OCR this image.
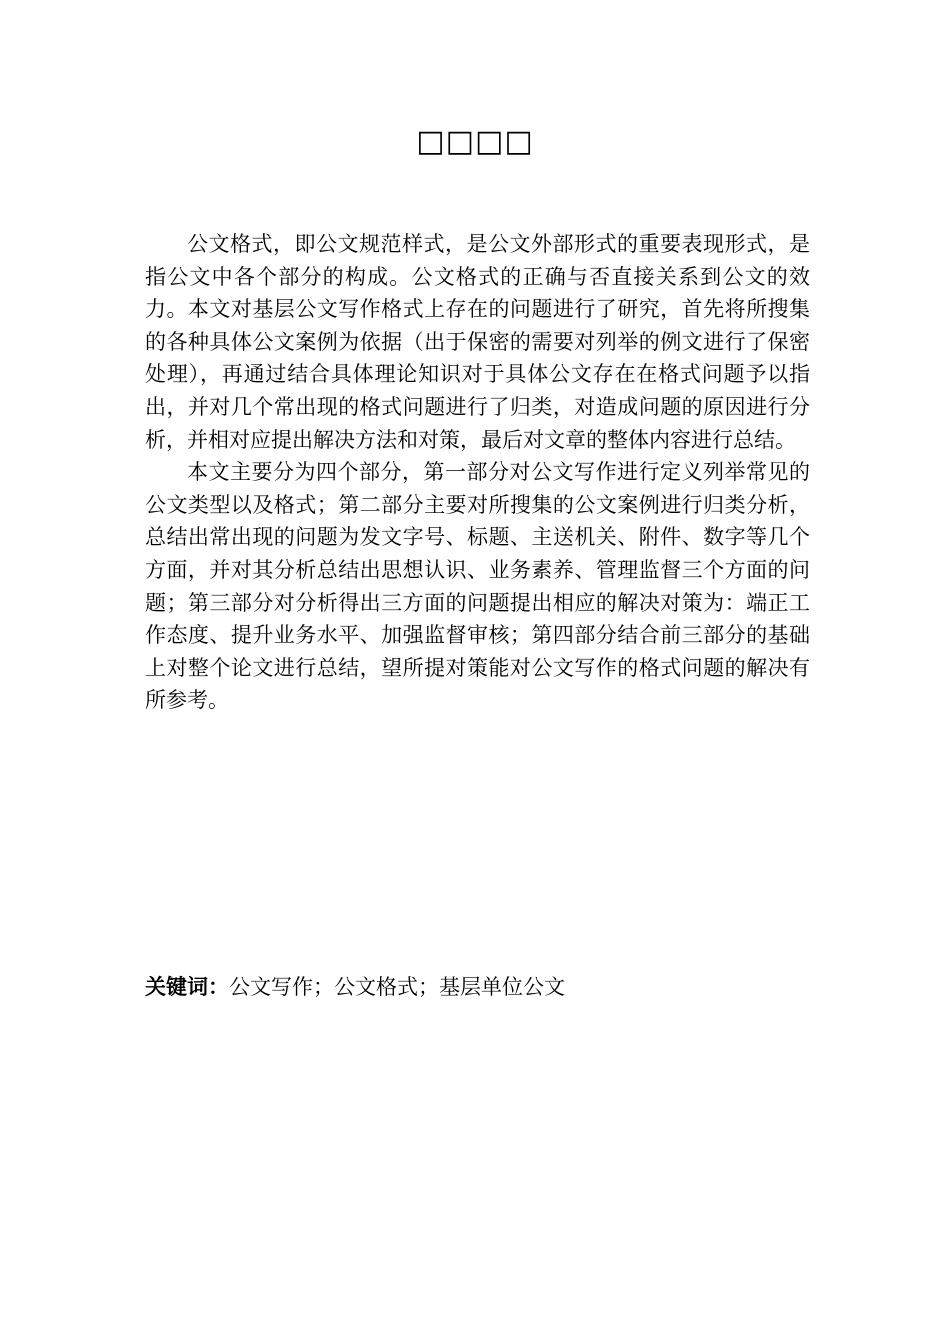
□□□□

公文格式，即公文规范样式，是公文外部形式的重要表现形式，是指公文中各个部分的构成。公文格式的正确与否直接关系到公文的效力。本文对基层公文写作格式上存在的问题进行了研究，首先将所搜集的各种具体公文案例为依据（出于保密的需要对列举的例文进行了保密处理），再通过结合具体理论知识对于具体公文存在在格式问题予以指出，并对几个常出现的格式问题进行了归类，对造成问题的原因进行分析，并相对应提出解决方法和对策，最后对文章的整体内容进行总结。

本文主要分为四个部分，第一部分对公文写作进行定义列举常见的公文类型以及格式；第二部分主要对所搜集的公文案例进行归类分析，总结出常出现的问题为发文字号、标题、主送机关、附件、数字等几个方面，并对其分析总结出思想认识、业务素养、管理监督三个方面的问题；第三部分对分析得出三方面的问题提出相应的解决对策为：端正工作态度、提升业务水平、加强监督审核；第四部分结合前三部分的基础上对整个论文进行总结，望所提对策能对公文写作的格式问题的解决有所参考。

关键词：公文写作；公文格式；基层单位公文
